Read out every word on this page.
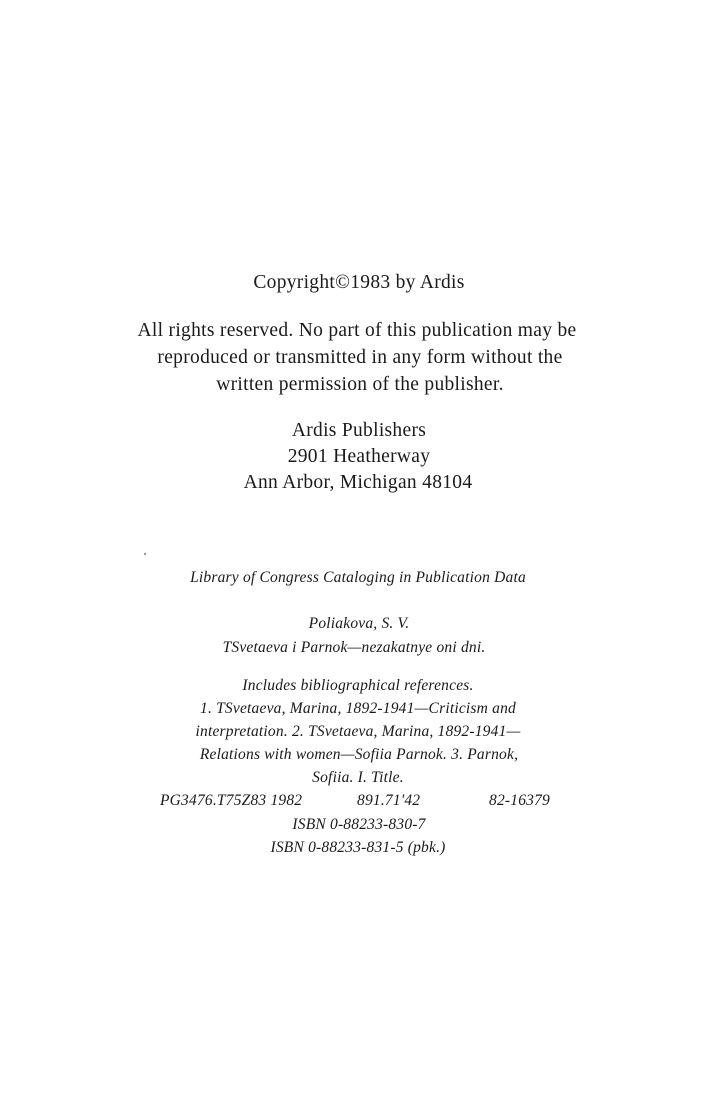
Copyright©1983 by Ardis
All rights reserved. No part of this publication may be
reproduced or transmitted in any form without the
written permission of the publisher.
Ardis Publishers
2901 Heatherway
Ann Arbor, Michigan 48104
Library of Congress Cataloging in Publication Data
Poliakova, S. V.
TSvetaeva i Parnok—nezakatnye oni dni.
Includes bibliographical references.
1. TSvetaeva, Marina, 1892-1941—Criticism and
interpretation. 2. TSvetaeva, Marina, 1892-1941—
Relations with women—Sofiia Parnok. 3. Parnok,
Sofiia. I. Title.
PG3476.T75Z83 1982	891.71'42	82-16379
ISBN 0-88233-830-7
ISBN 0-88233-831-5 (pbk.)
